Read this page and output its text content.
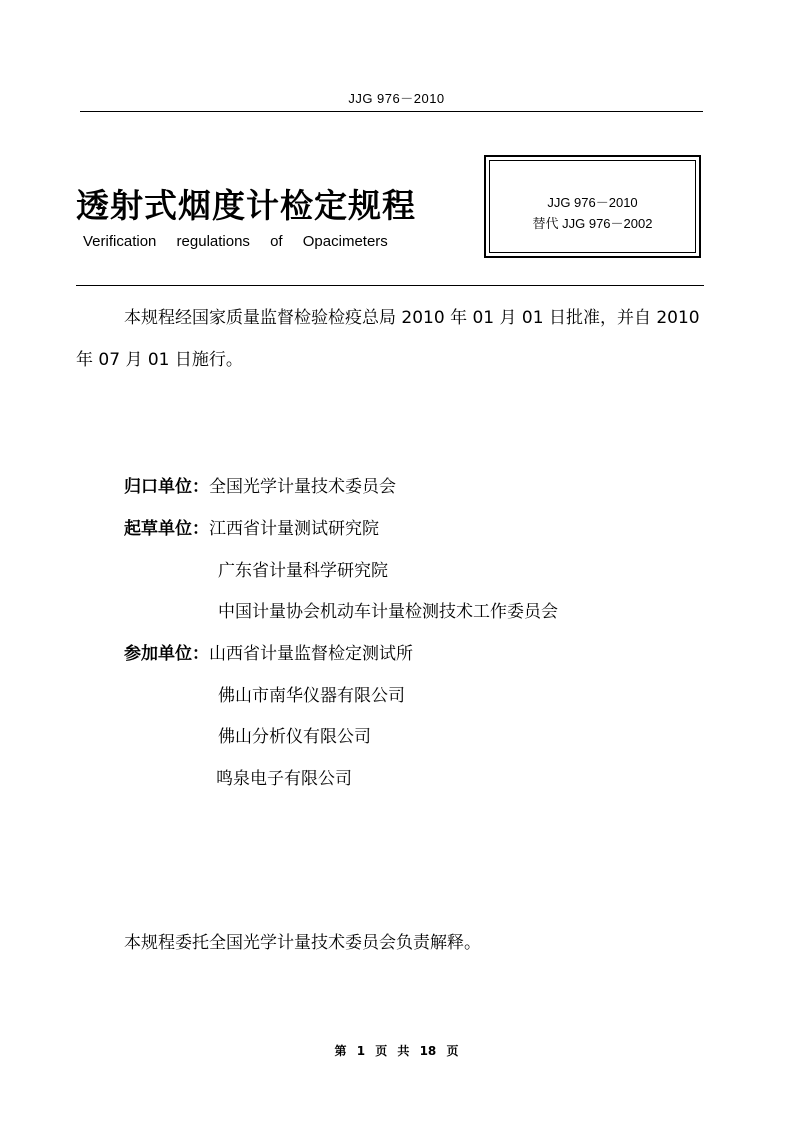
JJG 976－2010
透射式烟度计检定规程
Verification regulations of Opacimeters
JJG 976－2010
替代 JJG 976－2002
本规程经国家质量监督检验检疫总局 2010 年 01 月 01 日批准，并自 2010
年 07 月 01 日施行。
归口单位：全国光学计量技术委员会
起草单位：江西省计量测试研究院
广东省计量科学研究院
中国计量协会机动车计量检测技术工作委员会
参加单位：山西省计量监督检定测试所
佛山市南华仪器有限公司
佛山分析仪有限公司
鸣泉电子有限公司
本规程委托全国光学计量技术委员会负责解释。
第 1 页 共 18 页
